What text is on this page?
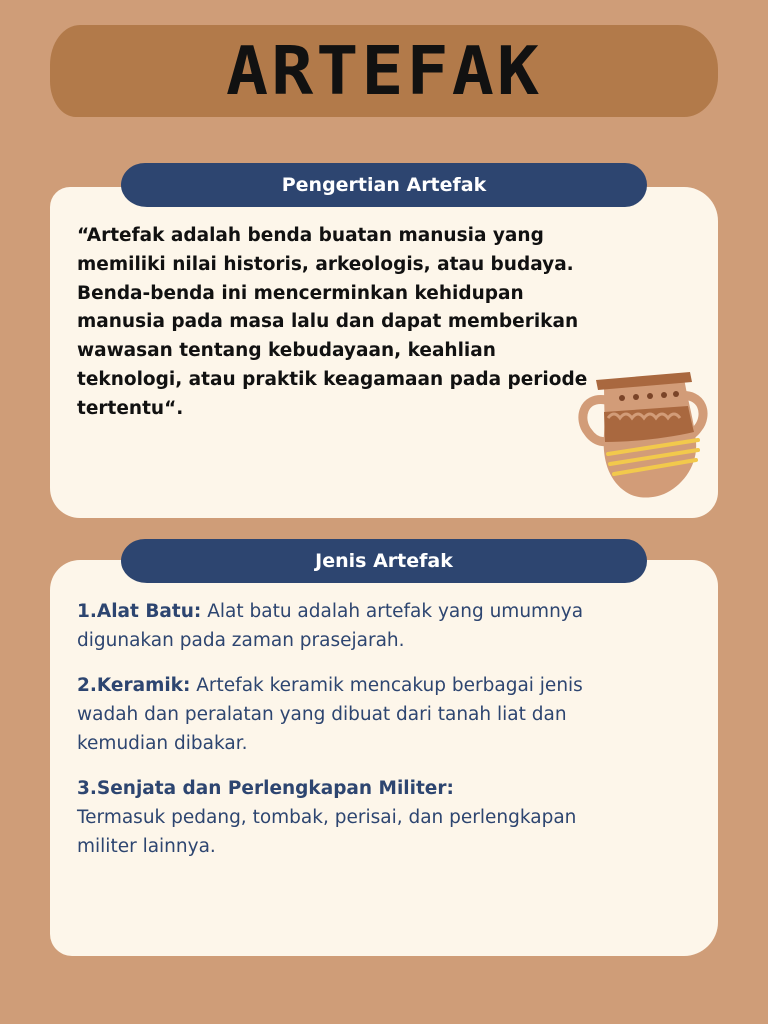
ARTEFAK
Pengertian Artefak

“Artefak adalah benda buatan manusia yang memiliki nilai historis, arkeologis, atau budaya. Benda-benda ini mencerminkan kehidupan manusia pada masa lalu dan dapat memberikan wawasan tentang kebudayaan, keahlian teknologi, atau praktik keagamaan pada periode tertentu“.

Jenis Artefak
1.Alat Batu: Alat batu adalah artefak yang umumnya digunakan pada zaman prasejarah.
2.Keramik: Artefak keramik mencakup berbagai jenis wadah dan peralatan yang dibuat dari tanah liat dan kemudian dibakar.
3.Senjata dan Perlengkapan Militer:
Termasuk pedang, tombak, perisai, dan perlengkapan militer lainnya.
